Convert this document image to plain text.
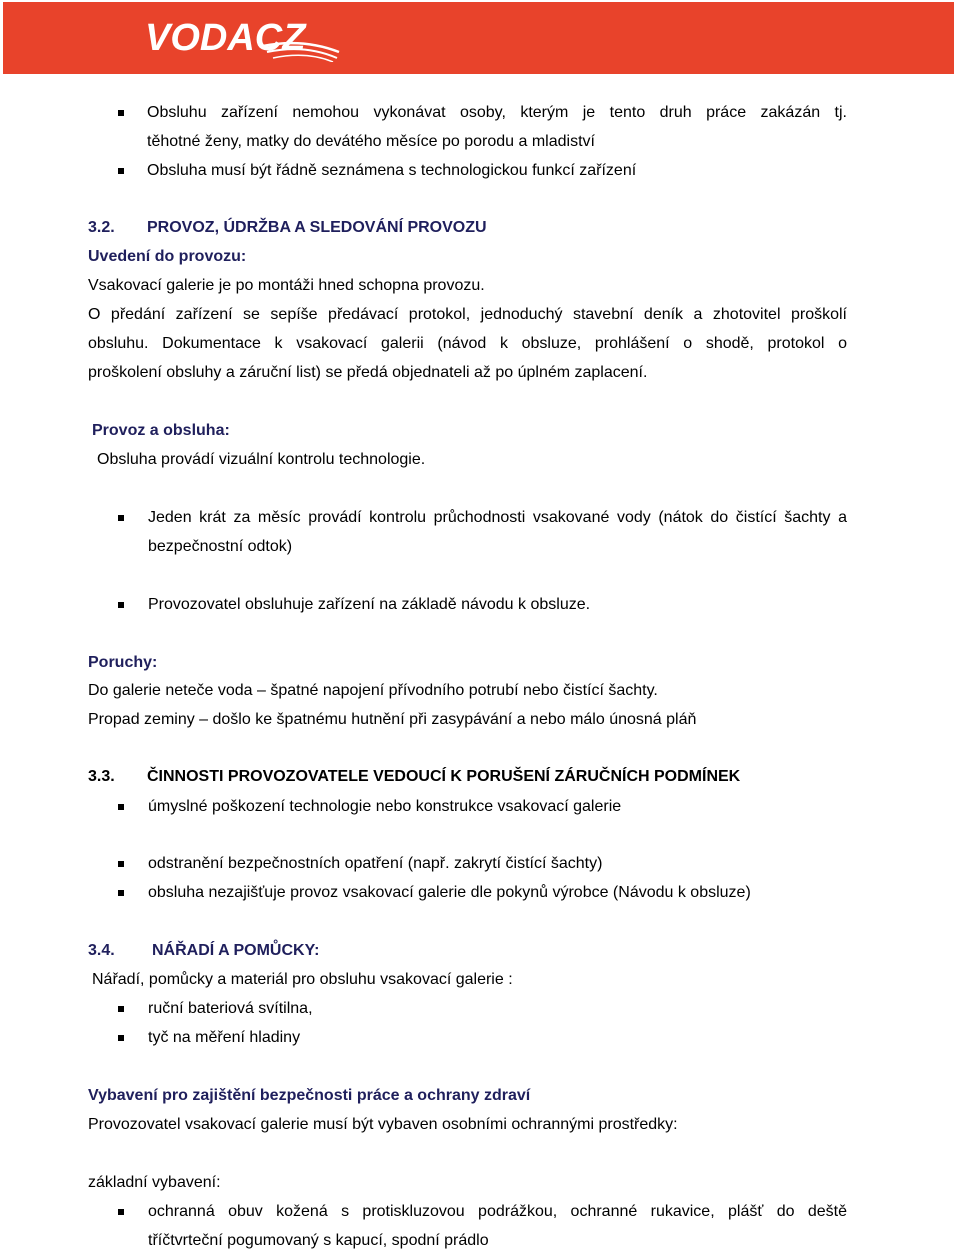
VODACZ
Obsluhu zařízení nemohou vykonávat osoby, kterým je tento druh práce zakázán tj.
těhotné ženy, matky do devátého měsíce po porodu a mladiství
Obsluha musí být řádně seznámena s technologickou funkcí zařízení
3.2. PROVOZ, ÚDRŽBA A SLEDOVÁNÍ PROVOZU
Uvedení do provozu:
Vsakovací galerie je po montáži hned schopna provozu.
O předání zařízení se sepíše předávací protokol, jednoduchý stavební deník a zhotovitel proškolí
obsluhu. Dokumentace k vsakovací galerii (návod k obsluze, prohlášení o shodě, protokol o
proškolení obsluhy a záruční list) se předá objednateli až po úplném zaplacení.
Provoz a obsluha:
Obsluha provádí vizuální kontrolu technologie.
Jeden krát za měsíc provádí kontrolu průchodnosti vsakované vody (nátok do čistící šachty a
bezpečnostní odtok)
Provozovatel obsluhuje zařízení na základě návodu k obsluze.
Poruchy:
Do galerie neteče voda – špatné napojení přívodního potrubí nebo čistící šachty.
Propad zeminy – došlo ke špatnému hutnění při zasypávání a nebo málo únosná pláň
3.3. ČINNOSTI PROVOZOVATELE VEDOUCÍ K PORUŠENÍ ZÁRUČNÍCH PODMÍNEK
úmyslné poškození technologie nebo konstrukce vsakovací galerie
odstranění bezpečnostních opatření (např. zakrytí čistící šachty)
obsluha nezajišťuje provoz vsakovací galerie dle pokynů výrobce (Návodu k obsluze)
3.4. NÁŘADÍ A POMŮCKY:
Nářadí, pomůcky a materiál pro obsluhu vsakovací galerie :
ruční bateriová svítilna,
tyč na měření hladiny
Vybavení pro zajištění bezpečnosti práce a ochrany zdraví
Provozovatel vsakovací galerie musí být vybaven osobními ochrannými prostředky:
základní vybavení:
ochranná obuv kožená s protiskluzovou podrážkou, ochranné rukavice, plášť do deště
tříčtvrteční pogumovaný s kapucí, spodní prádlo
